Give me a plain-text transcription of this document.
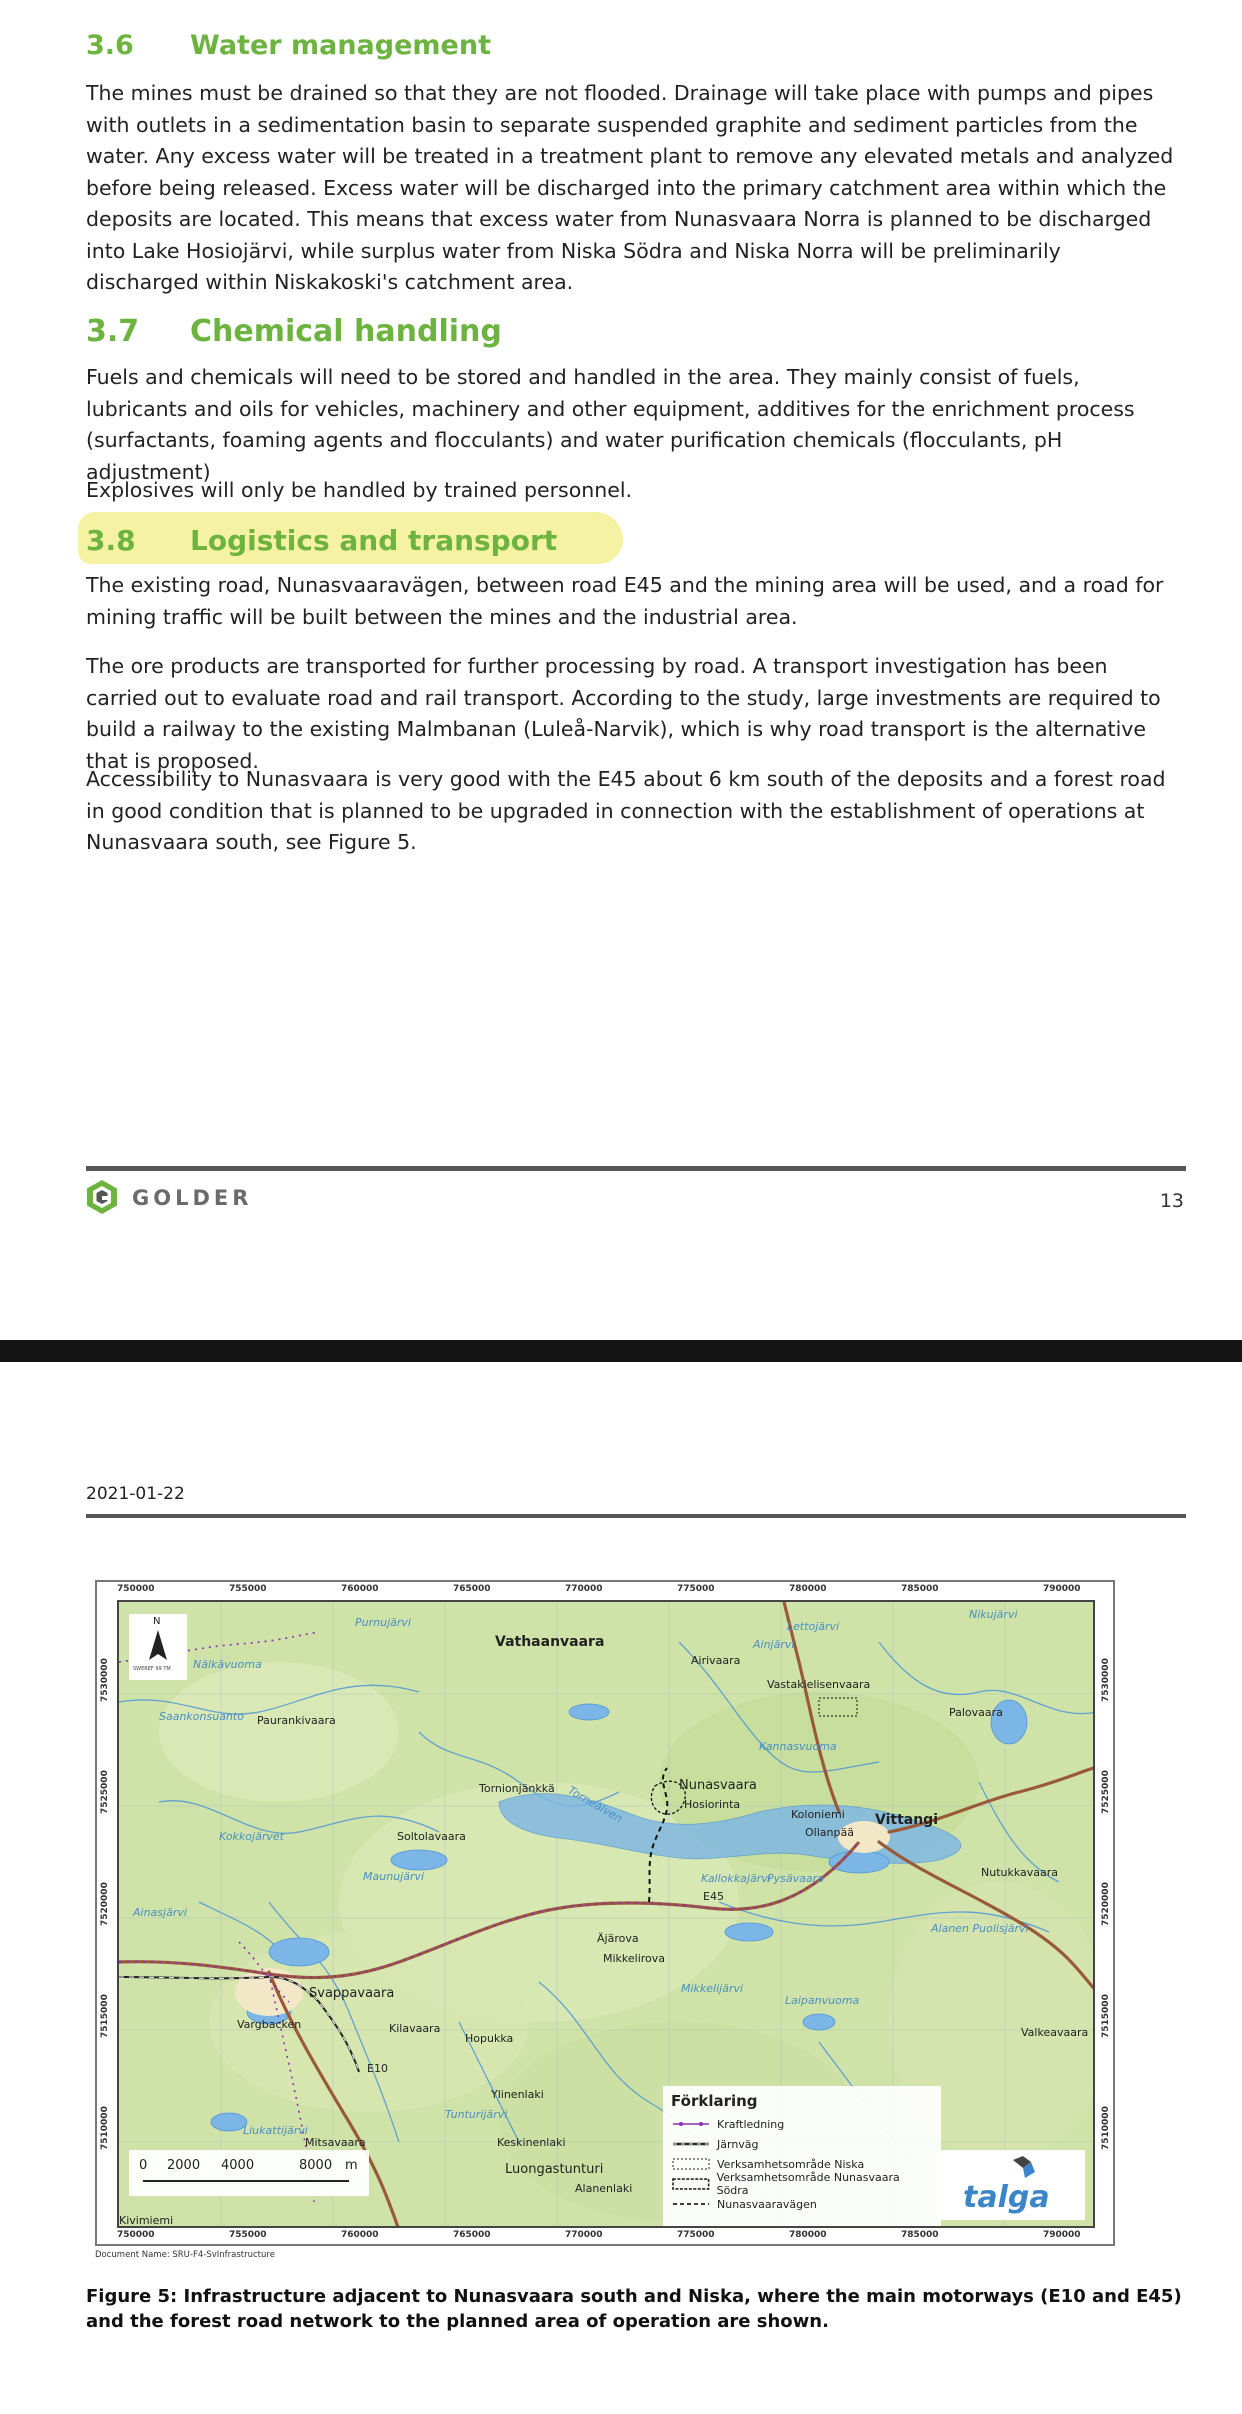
3.6 Water management
The mines must be drained so that they are not flooded. Drainage will take place with pumps and pipes with outlets in a sedimentation basin to separate suspended graphite and sediment particles from the water. Any excess water will be treated in a treatment plant to remove any elevated metals and analyzed before being released. Excess water will be discharged into the primary catchment area within which the deposits are located. This means that excess water from Nunasvaara Norra is planned to be discharged into Lake Hosiojärvi, while surplus water from Niska Södra and Niska Norra will be preliminarily discharged within Niskakoski's catchment area.
3.7 Chemical handling
Fuels and chemicals will need to be stored and handled in the area. They mainly consist of fuels, lubricants and oils for vehicles, machinery and other equipment, additives for the enrichment process (surfactants, foaming agents and flocculants) and water purification chemicals (flocculants, pH adjustment)
Explosives will only be handled by trained personnel.
3.8 Logistics and transport
The existing road, Nunasvaaravägen, between road E45 and the mining area will be used, and a road for mining traffic will be built between the mines and the industrial area.
The ore products are transported for further processing by road. A transport investigation has been carried out to evaluate road and rail transport. According to the study, large investments are required to build a railway to the existing Malmbanan (Luleå-Narvik), which is why road transport is the alternative that is proposed.
Accessibility to Nunasvaara is very good with the E45 about 6 km south of the deposits and a forest road in good condition that is planned to be upgraded in connection with the establishment of operations at Nunasvaara south, see Figure 5.
GOLDER	13
2021-01-22
750000	755000	760000	765000	770000	775000	780000	785000	790000
750000	755000	760000	765000	770000	775000	780000	785000	790000
7530000
7525000
7520000
7515000
7510000
7530000
7525000
7520000
7515000
7510000
N
SWEREF 99 TM
Vathaanvaara
Nunasvaara
Hosiorinta
Vittangi
Svappavaara
Vargbacken
Luongastunturi
Koloniemi
Ollanpää
Vastakielisenvaara
Paurankivaara
Soltolavaara
Kilavaara
Hopukka
Ylinenlaki
Keskinenlaki
Alanenlaki
Palovaara
Nutukkavaara
Valkeavaara
Äjärova
Mikkelirova
Tornionjänkkä
Mitsavaara
Kivimiemi
E10
E45
Airivaara
Nälkävuoma
Purnujärvi
Saankonsuanto
Torneälven
Kallokkajärvi
Pysävaara
Kannasvuoma
Lettojärvi
Ainjärvi
Maunujärvi
Mikkelijärvi
Laipanvuoma
Alanen Puolisjärvi
Nikujärvi
Tunturijärvi
Liukattijärvi
Ainasjärvi
Kokkojärvet
Förklaring
Kraftledning
Järnväg
Verksamhetsområde Niska
Verksamhetsområde Nunasvaara Södra
Nunasvaaravägen
0 2000 4000	8000 m
talga
Document Name: SRU-F4-SvInfrastructure
Figure 5: Infrastructure adjacent to Nunasvaara south and Niska, where the main motorways (E10 and E45) and the forest road network to the planned area of operation are shown.
